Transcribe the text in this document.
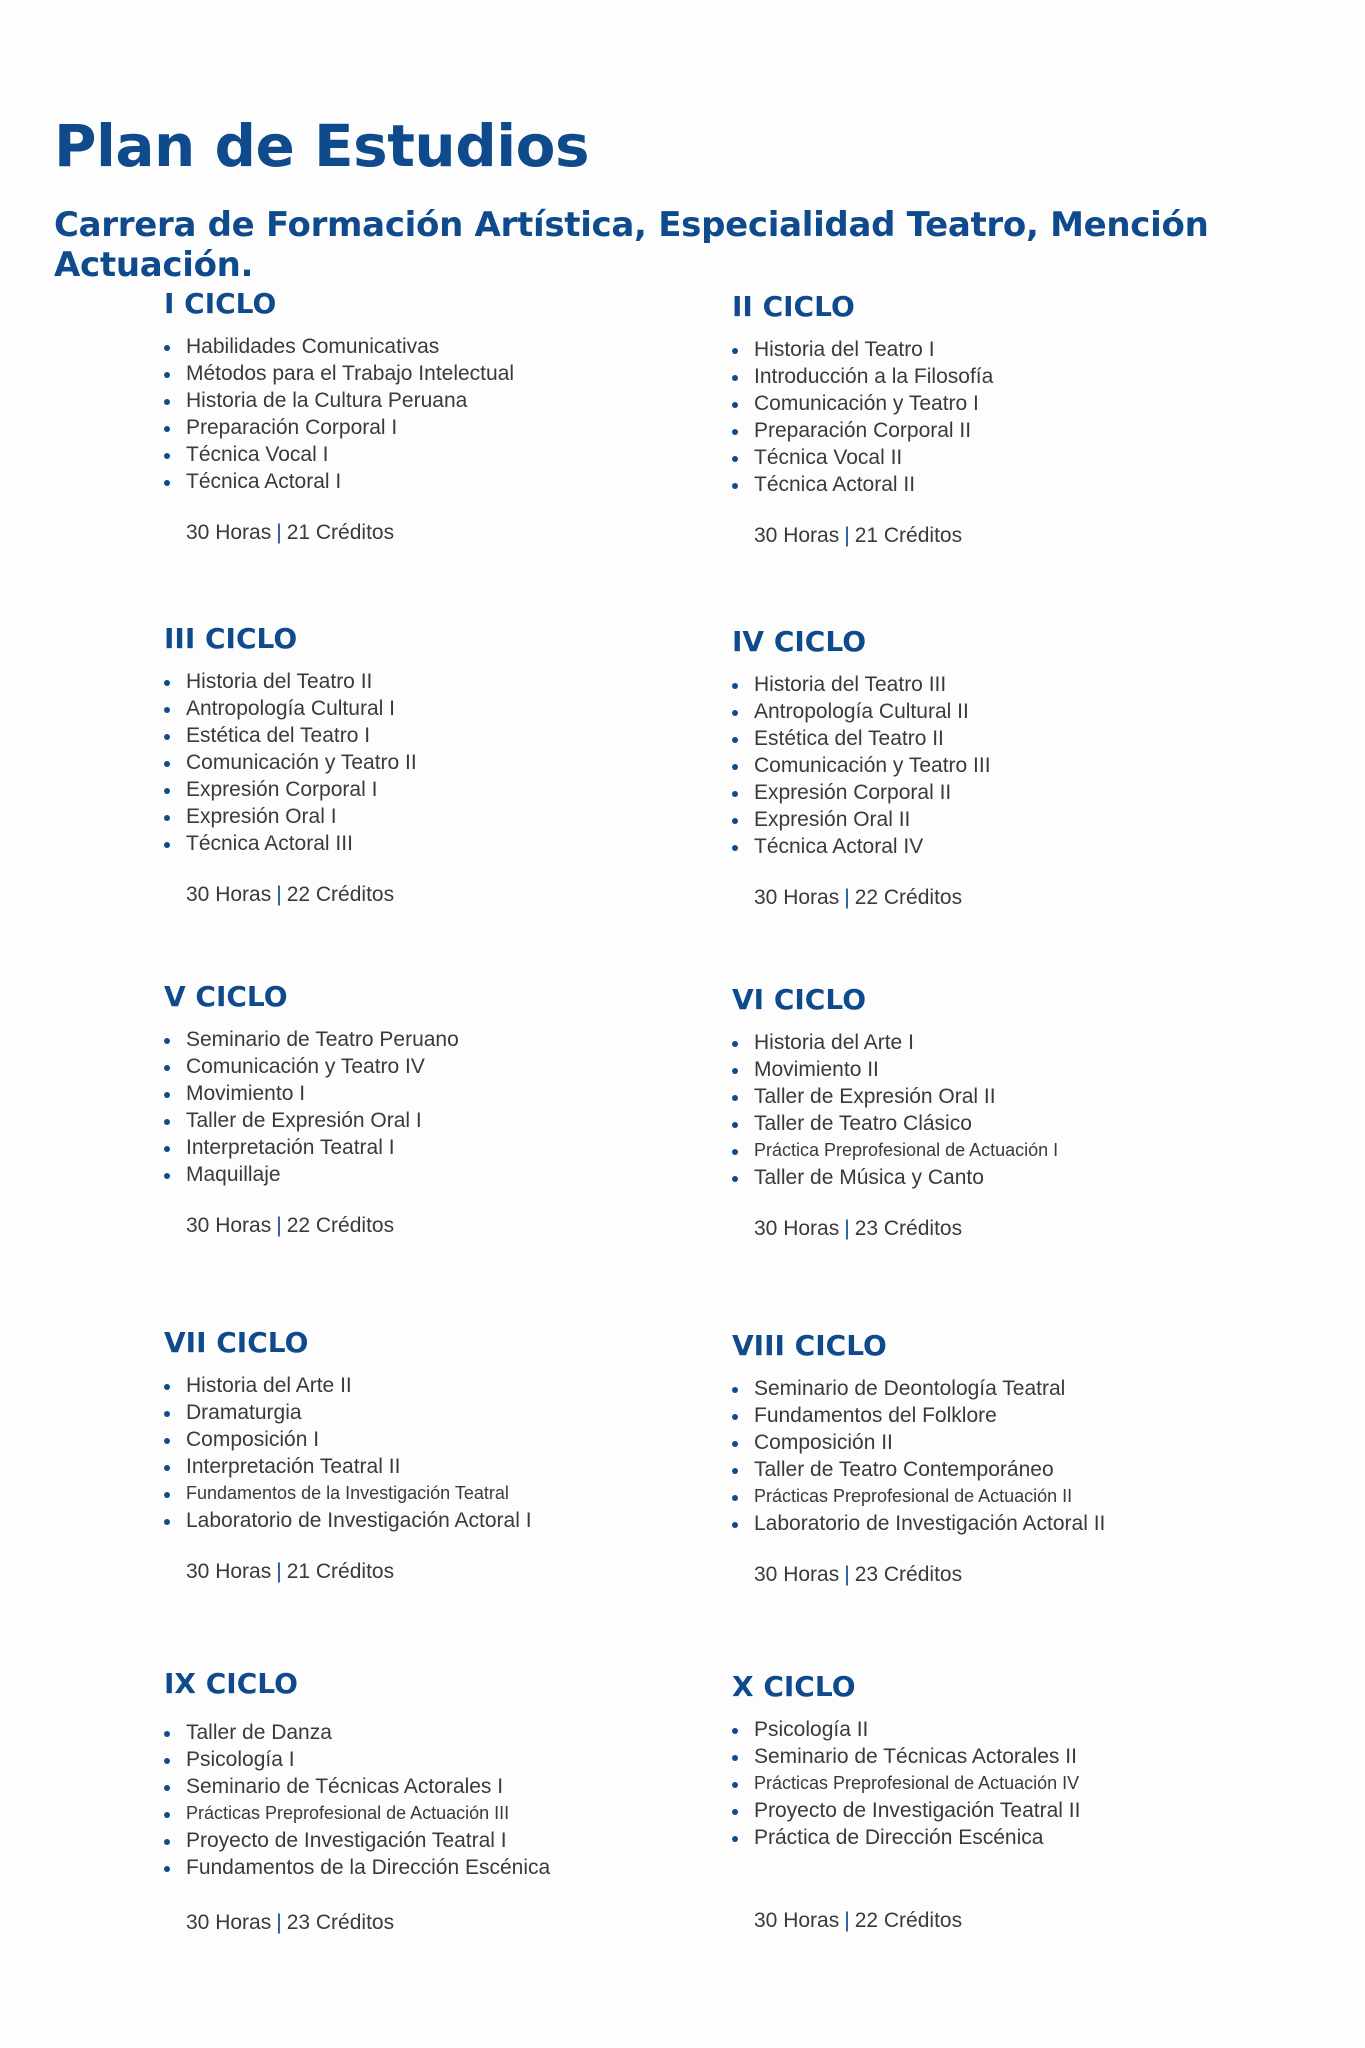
Plan de Estudios
Carrera de Formación Artística, Especialidad Teatro, Mención Actuación.
I CICLO
Habilidades Comunicativas
Métodos para el Trabajo Intelectual
Historia de la Cultura Peruana
Preparación Corporal I
Técnica Vocal I
Técnica Actoral I
30 Horas | 21 Créditos
II CICLO
Historia del Teatro I
Introducción a la Filosofía
Comunicación y Teatro I
Preparación Corporal II
Técnica Vocal II
Técnica Actoral II
30 Horas | 21 Créditos
III CICLO
Historia del Teatro II
Antropología Cultural I
Estética del Teatro I
Comunicación y Teatro II
Expresión Corporal I
Expresión Oral I
Técnica Actoral III
30 Horas | 22 Créditos
IV CICLO
Historia del Teatro III
Antropología Cultural II
Estética del Teatro II
Comunicación y Teatro III
Expresión Corporal II
Expresión Oral II
Técnica Actoral IV
30 Horas | 22 Créditos
V CICLO
Seminario de Teatro Peruano
Comunicación y Teatro IV
Movimiento I
Taller de Expresión Oral I
Interpretación Teatral I
Maquillaje
30 Horas | 22 Créditos
VI CICLO
Historia del Arte I
Movimiento II
Taller de Expresión Oral II
Taller de Teatro Clásico
Práctica Preprofesional de Actuación I
Taller de Música y Canto
30 Horas | 23 Créditos
VII CICLO
Historia del Arte II
Dramaturgia
Composición I
Interpretación Teatral II
Fundamentos de la Investigación Teatral
Laboratorio de Investigación Actoral I
30 Horas | 21 Créditos
VIII CICLO
Seminario de Deontología Teatral
Fundamentos del Folklore
Composición II
Taller de Teatro Contemporáneo
Prácticas Preprofesional de Actuación II
Laboratorio de Investigación Actoral II
30 Horas | 23 Créditos
IX CICLO
Taller de Danza
Psicología I
Seminario de Técnicas Actorales I
Prácticas Preprofesional de Actuación III
Proyecto de Investigación Teatral I
Fundamentos de la Dirección Escénica
30 Horas | 23 Créditos
X CICLO
Psicología II
Seminario de Técnicas Actorales II
Prácticas Preprofesional de Actuación IV
Proyecto de Investigación Teatral II
Práctica de Dirección Escénica
30 Horas | 22 Créditos
